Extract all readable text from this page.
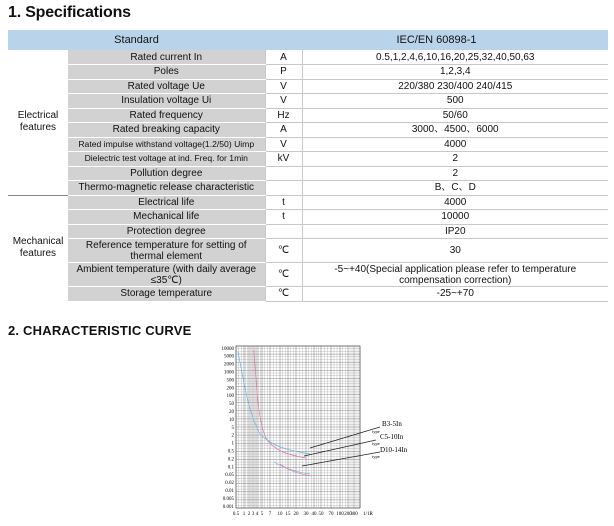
1. Specifications
Standard		IEC/EN 60898-1	
Electrical features	Rated current In	A	0.5,1,2,4,6,10,16,20,25,32,40,50,63
	Poles	P	1,2,3,4
	Rated voltage Ue	V	220/380 230/400 240/415
	Insulation voltage Ui	V	500
	Rated frequency	Hz	50/60
	Rated breaking capacity	A	3000、4500、6000
	Rated impulse withstand voltage(1.2/50) Uimp	V	4000
	Dielectric test voltage at ind. Freq. for 1min	kV	2
	Pollution degree		2
	Thermo-magnetic release characteristic		B、C、D
Mechanical features	Electrical life	t	4000
	Mechanical life	t	10000
	Protection degree		IP20
	Reference temperature for setting of thermal element	℃	30
	Ambient temperature (with daily average ≤35℃)	℃	-5~+40(Special application please refer to temperature compensation correction)
	Storage temperature	℃	-25~+70
2. CHARACTERISTIC CURVE
10000
5000
2000
1000
500
200
100
50
20
10
5
2
1
0.5
0.2
0.1
0.05
0.02
0.01
0.005
0.001
0.5 1 2 3 4 5 7 10 15 20 30 40 50 70 100 200
300 1/1R
B3-5In
type
C5-10In
type
D10-14In
type
